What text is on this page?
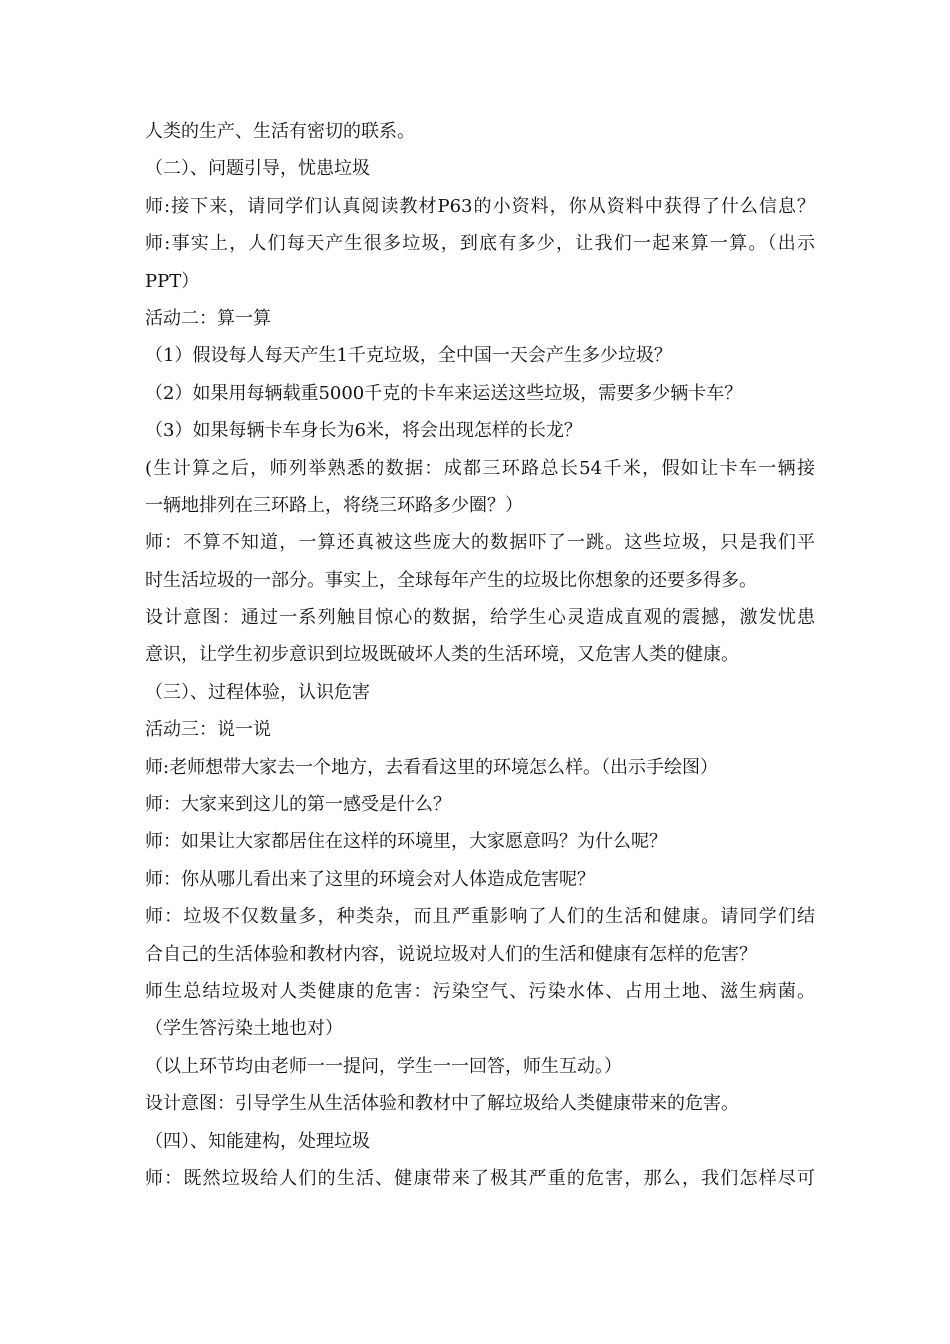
人类的生产、生活有密切的联系。
（二）、问题引导，忧患垃圾
师:接下来，请同学们认真阅读教材P63的小资料，你从资料中获得了什么信息？
师:事实上，人们每天产生很多垃圾，到底有多少，让我们一起来算一算。（出示
PPT）
活动二：算一算
（1）假设每人每天产生1千克垃圾，全中国一天会产生多少垃圾？
（2）如果用每辆载重5000千克的卡车来运送这些垃圾，需要多少辆卡车？
（3）如果每辆卡车身长为6米，将会出现怎样的长龙？
(生计算之后，师列举熟悉的数据：成都三环路总长54千米，假如让卡车一辆接
一辆地排列在三环路上，将绕三环路多少圈？）
师：不算不知道，一算还真被这些庞大的数据吓了一跳。这些垃圾，只是我们平
时生活垃圾的一部分。事实上，全球每年产生的垃圾比你想象的还要多得多。
设计意图：通过一系列触目惊心的数据，给学生心灵造成直观的震撼，激发忧患
意识，让学生初步意识到垃圾既破坏人类的生活环境，又危害人类的健康。
（三）、过程体验，认识危害
活动三：说一说
师:老师想带大家去一个地方，去看看这里的环境怎么样。（出示手绘图）
师：大家来到这儿的第一感受是什么？
师：如果让大家都居住在这样的环境里，大家愿意吗？为什么呢？
师：你从哪儿看出来了这里的环境会对人体造成危害呢？
师：垃圾不仅数量多，种类杂，而且严重影响了人们的生活和健康。请同学们结
合自己的生活体验和教材内容，说说垃圾对人们的生活和健康有怎样的危害？
师生总结垃圾对人类健康的危害：污染空气、污染水体、占用土地、滋生病菌。
（学生答污染土地也对）
（以上环节均由老师一一提问，学生一一回答，师生互动。）
设计意图：引导学生从生活体验和教材中了解垃圾给人类健康带来的危害。
（四）、知能建构，处理垃圾
师：既然垃圾给人们的生活、健康带来了极其严重的危害，那么，我们怎样尽可
